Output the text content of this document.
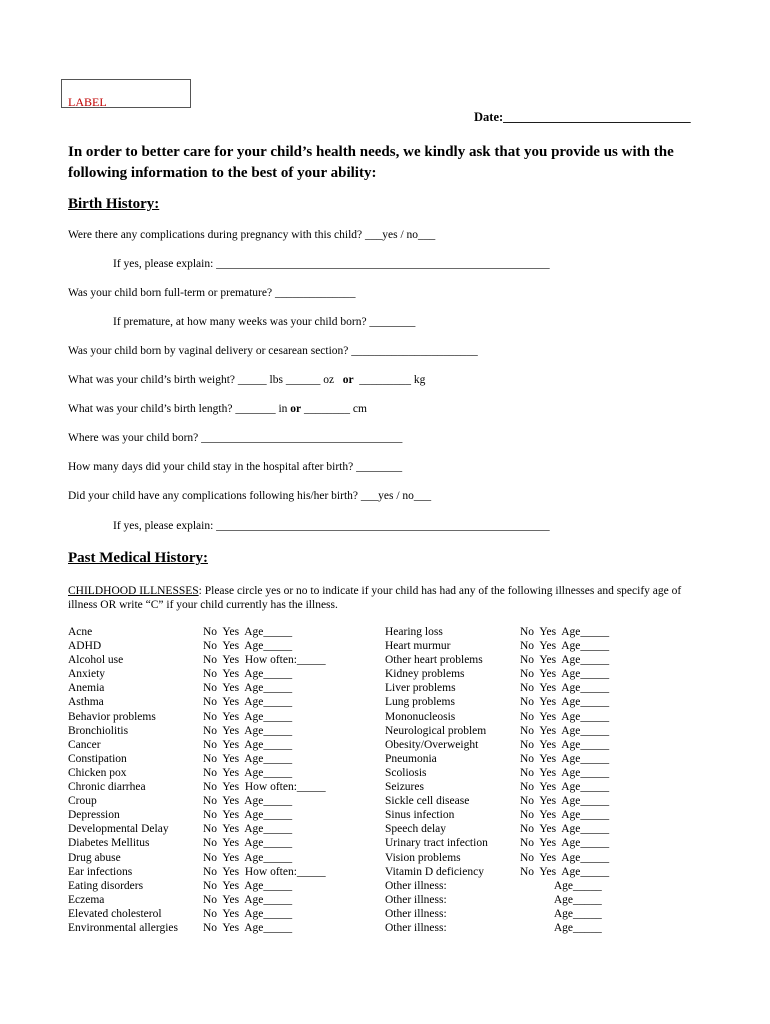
LABEL
Date:______________________________

In order to better care for your child’s health needs, we kindly ask that you provide us with the following information to the best of your ability:

Birth History:
Were there any complications during pregnancy with this child? ___yes / no___
If yes, please explain: __________________________________________________________
Was your child born full-term or premature? ______________
If premature, at how many weeks was your child born? ________
Was your child born by vaginal delivery or cesarean section? ______________________
What was your child’s birth weight? _____ lbs ______ oz or _________ kg
What was your child’s birth length? _______ in or ________ cm
Where was your child born? ___________________________________
How many days did your child stay in the hospital after birth? ________
Did your child have any complications following his/her birth? ___yes / no___
If yes, please explain: __________________________________________________________
Past Medical History:

CHILDHOOD ILLNESSES: Please circle yes or no to indicate if your child has had any of the following illnesses and specify age of illness OR write “C” if your child currently has the illness.

Acne	No  Yes  Age_____
ADHD	No  Yes  Age_____
Alcohol use	No  Yes  How often:_____
Anxiety	No  Yes  Age_____
Anemia	No  Yes  Age_____
Asthma	No  Yes  Age_____
Behavior problems	No  Yes  Age_____
Bronchiolitis	No  Yes  Age_____
Cancer	No  Yes  Age_____
Constipation	No  Yes  Age_____
Chicken pox	No  Yes  Age_____
Chronic diarrhea	No  Yes  How often:_____
Croup	No  Yes  Age_____
Depression	No  Yes  Age_____
Developmental Delay	No  Yes  Age_____
Diabetes Mellitus	No  Yes  Age_____
Drug abuse	No  Yes  Age_____
Ear infections	No  Yes  How often:_____
Eating disorders	No  Yes  Age_____
Eczema	No  Yes  Age_____
Elevated cholesterol	No  Yes  Age_____
Environmental allergies No  Yes  Age_____
Hearing loss	No  Yes  Age_____
Heart murmur	No  Yes  Age_____
Other heart problems	No  Yes  Age_____
Kidney problems	No  Yes  Age_____
Liver problems	No  Yes  Age_____
Lung problems	No  Yes  Age_____
Mononucleosis	No  Yes  Age_____
Neurological problem	No  Yes  Age_____
Obesity/Overweight	No  Yes  Age_____
Pneumonia	No  Yes  Age_____
Scoliosis	No  Yes  Age_____
Seizures	No  Yes  Age_____
Sickle cell disease	No  Yes  Age_____
Sinus infection	No  Yes  Age_____
Speech delay	No  Yes  Age_____
Urinary tract infection	No  Yes  Age_____
Vision problems	No  Yes  Age_____
Vitamin D deficiency	No  Yes  Age_____
Other illness:	Age_____
Other illness:	Age_____
Other illness:	Age_____
Other illness:	Age_____
